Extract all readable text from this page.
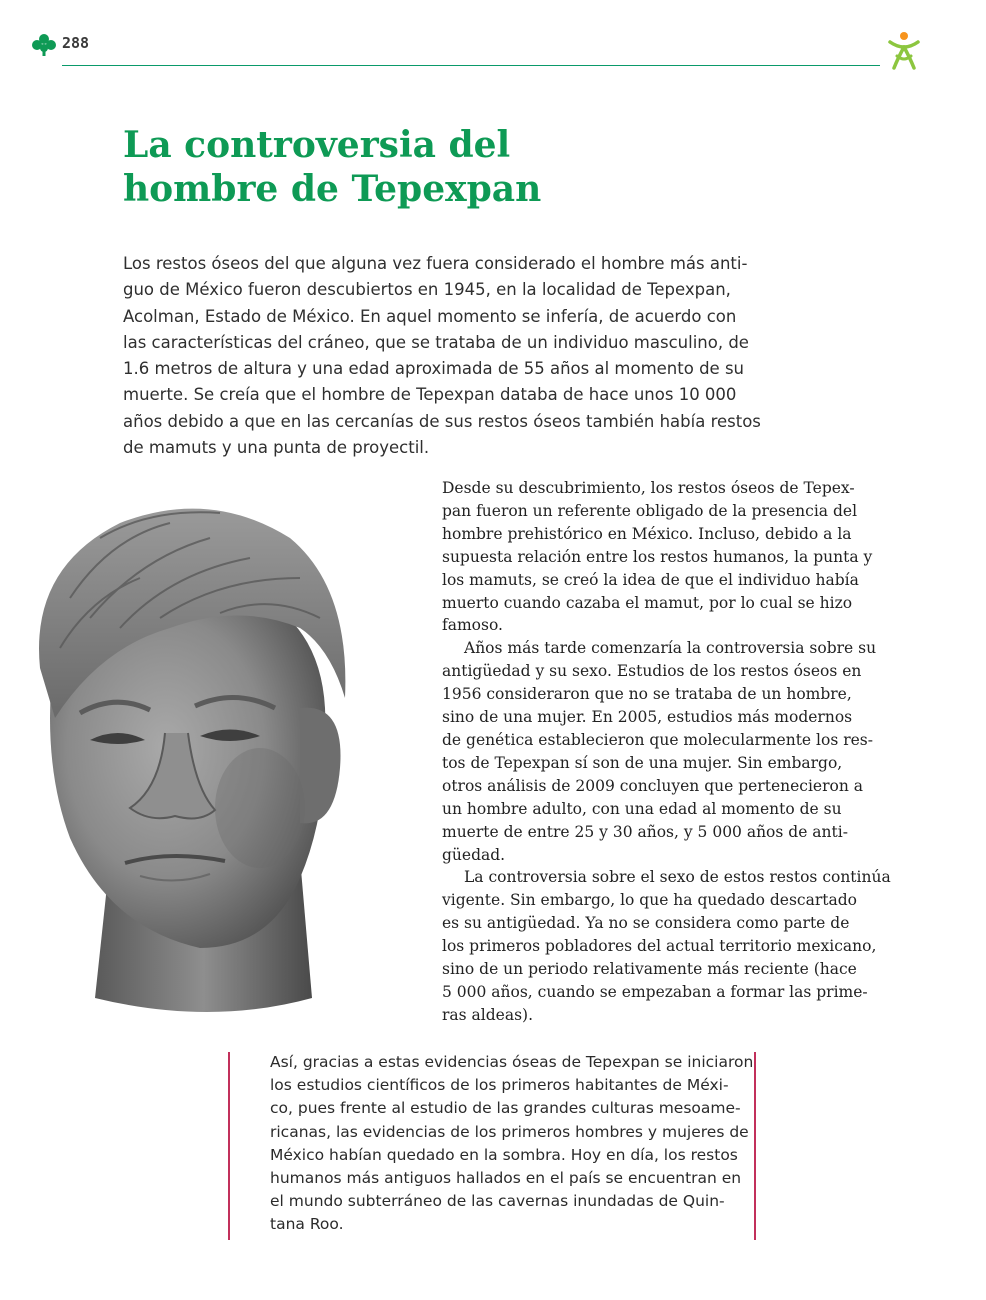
288
La controversia del
hombre de Tepexpan
Los restos óseos del que alguna vez fuera considerado el hombre más anti-
guo de México fueron descubiertos en 1945, en la localidad de Tepexpan,
Acolman, Estado de México. En aquel momento se infería, de acuerdo con
las características del cráneo, que se trataba de un individuo masculino, de
1.6 metros de altura y una edad aproximada de 55 años al momento de su
muerte. Se creía que el hombre de Tepexpan databa de hace unos 10 000
años debido a que en las cercanías de sus restos óseos también había restos
de mamuts y una punta de proyectil.
Desde su descubrimiento, los restos óseos de Tepex-
pan fueron un referente obligado de la presencia del
hombre prehistórico en México. Incluso, debido a la
supuesta relación entre los restos humanos, la punta y
los mamuts, se creó la idea de que el individuo había
muerto cuando cazaba el mamut, por lo cual se hizo
famoso.
Años más tarde comenzaría la controversia sobre su
antigüedad y su sexo. Estudios de los restos óseos en
1956 consideraron que no se trataba de un hombre,
sino de una mujer. En 2005, estudios más modernos
de genética establecieron que molecularmente los res-
tos de Tepexpan sí son de una mujer. Sin embargo,
otros análisis de 2009 concluyen que pertenecieron a
un hombre adulto, con una edad al momento de su
muerte de entre 25 y 30 años, y 5 000 años de anti-
güedad.
La controversia sobre el sexo de estos restos continúa
vigente. Sin embargo, lo que ha quedado descartado
es su antigüedad. Ya no se considera como parte de
los primeros pobladores del actual territorio mexicano,
sino de un periodo relativamente más reciente (hace
5 000 años, cuando se empezaban a formar las prime-
ras aldeas).
Así, gracias a estas evidencias óseas de Tepexpan se iniciaron
los estudios científicos de los primeros habitantes de Méxi-
co, pues frente al estudio de las grandes culturas mesoame-
ricanas, las evidencias de los primeros hombres y mujeres de
México habían quedado en la sombra. Hoy en día, los restos
humanos más antiguos hallados en el país se encuentran en
el mundo subterráneo de las cavernas inundadas de Quin-
tana Roo.
